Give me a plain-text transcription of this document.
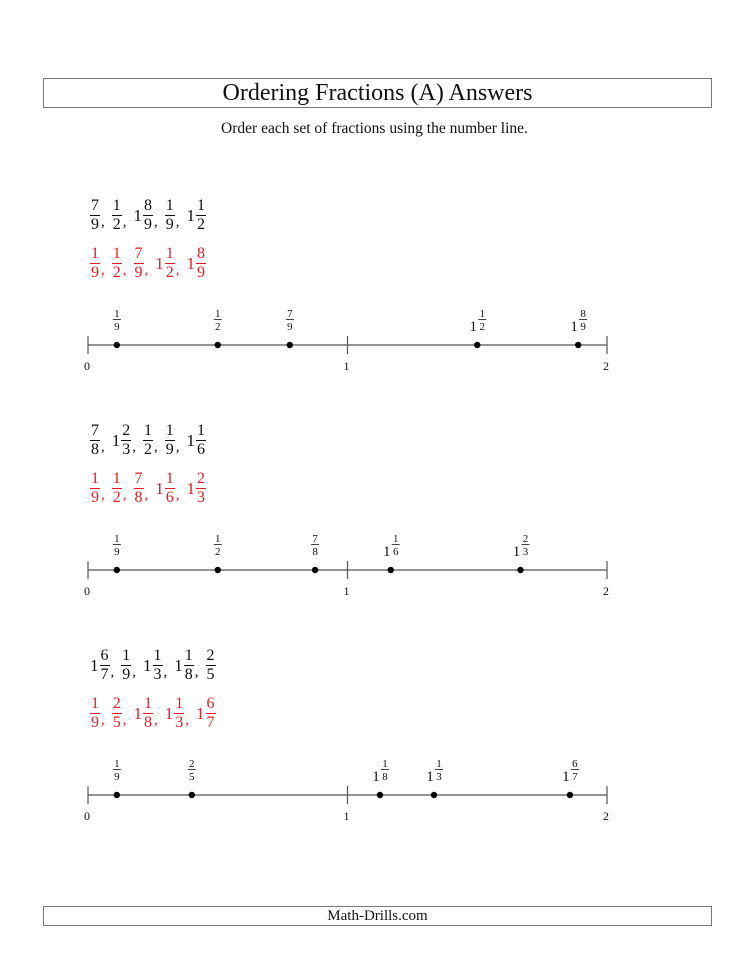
Ordering Fractions (A) Answers
Order each set of fractions using the number line.
$\frac{7}{9}$ , $\frac{1}{2}$ , $1 \frac{8}{9}$ , $\frac{1}{9}$ , $1 \frac{1}{2}$
$\frac{1}{9}$ , $\frac{1}{2}$ , $\frac{7}{9}$ , $1 \frac{1}{2}$ , $1 \frac{8}{9}$
0	1	2
1
9
1
2
7
9	1
1
2	1
8
9
$\frac{7}{8}$ , $1 \frac{2}{3}$ , $\frac{1}{2}$ , $\frac{1}{9}$ , $1 \frac{1}{6}$
$\frac{1}{9}$ , $\frac{1}{2}$ , $\frac{7}{8}$ , $1 \frac{1}{6}$ , $1 \frac{2}{3}$
0	1	2
1
9
1
2
7
8	1
1
6	1
2
3
$1 \frac{6}{7}$ , $\frac{1}{9}$ , $1 \frac{1}{3}$ , $1 \frac{1}{8}$ , $\frac{2}{5}$
$\frac{1}{9}$ , $\frac{2}{5}$ , $1 \frac{1}{8}$ , $1 \frac{1}{3}$ , $1 \frac{6}{7}$
0	1	2
1
9
2
5	1
1
8	1
1
3	1
6
7
Math-Drills.com
